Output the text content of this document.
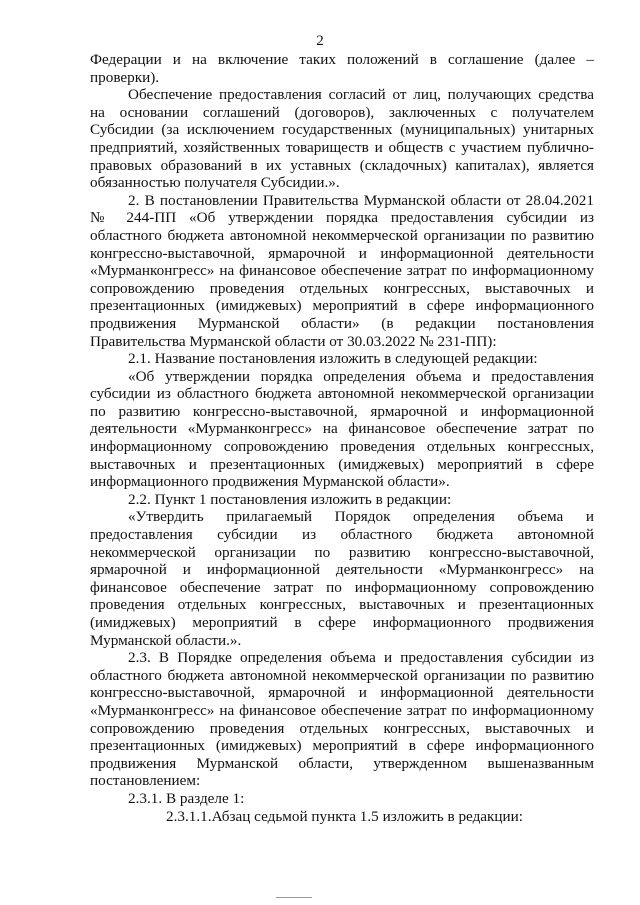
2

Федерации и на включение таких положений в соглашение (далее – проверки).

Обеспечение предоставления согласий от лиц, получающих средства на основании соглашений (договоров), заключенных с получателем Субсидии (за исключением государственных (муниципальных) унитарных предприятий, хозяйственных товариществ и обществ с участием публично-правовых образований в их уставных (складочных) капиталах), является обязанностью получателя Субсидии.».

2. В постановлении Правительства Мурманской области от 28.04.2021 № 244-ПП «Об утверждении порядка предоставления субсидии из областного бюджета автономной некоммерческой организации по развитию конгрессно-выставочной, ярмарочной и информационной деятельности «Мурманконгресс» на финансовое обеспечение затрат по информационному сопровождению проведения отдельных конгрессных, выставочных и презентационных (имиджевых) мероприятий в сфере информационного продвижения Мурманской области» (в редакции постановления Правительства Мурманской области от 30.03.2022 № 231-ПП):

2.1. Название постановления изложить в следующей редакции:

«Об утверждении порядка определения объема и предоставления субсидии из областного бюджета автономной некоммерческой организации по развитию конгрессно-выставочной, ярмарочной и информационной деятельности «Мурманконгресс» на финансовое обеспечение затрат по информационному сопровождению проведения отдельных конгрессных, выставочных и презентационных (имиджевых) мероприятий в сфере информационного продвижения Мурманской области».

2.2. Пункт 1 постановления изложить в редакции:

«Утвердить прилагаемый Порядок определения объема и предоставления субсидии из областного бюджета автономной некоммерческой организации по развитию конгрессно-выставочной, ярмарочной и информационной деятельности «Мурманконгресс» на финансовое обеспечение затрат по информационному сопровождению проведения отдельных конгрессных, выставочных и презентационных (имиджевых) мероприятий в сфере информационного продвижения Мурманской области.».

2.3. В Порядке определения объема и предоставления субсидии из областного бюджета автономной некоммерческой организации по развитию конгрессно-выставочной, ярмарочной и информационной деятельности «Мурманконгресс» на финансовое обеспечение затрат по информационному сопровождению проведения отдельных конгрессных, выставочных и презентационных (имиджевых) мероприятий в сфере информационного продвижения Мурманской области, утвержденном вышеназванным постановлением:

2.3.1. В разделе 1:

2.3.1.1.Абзац седьмой пункта 1.5 изложить в редакции:
